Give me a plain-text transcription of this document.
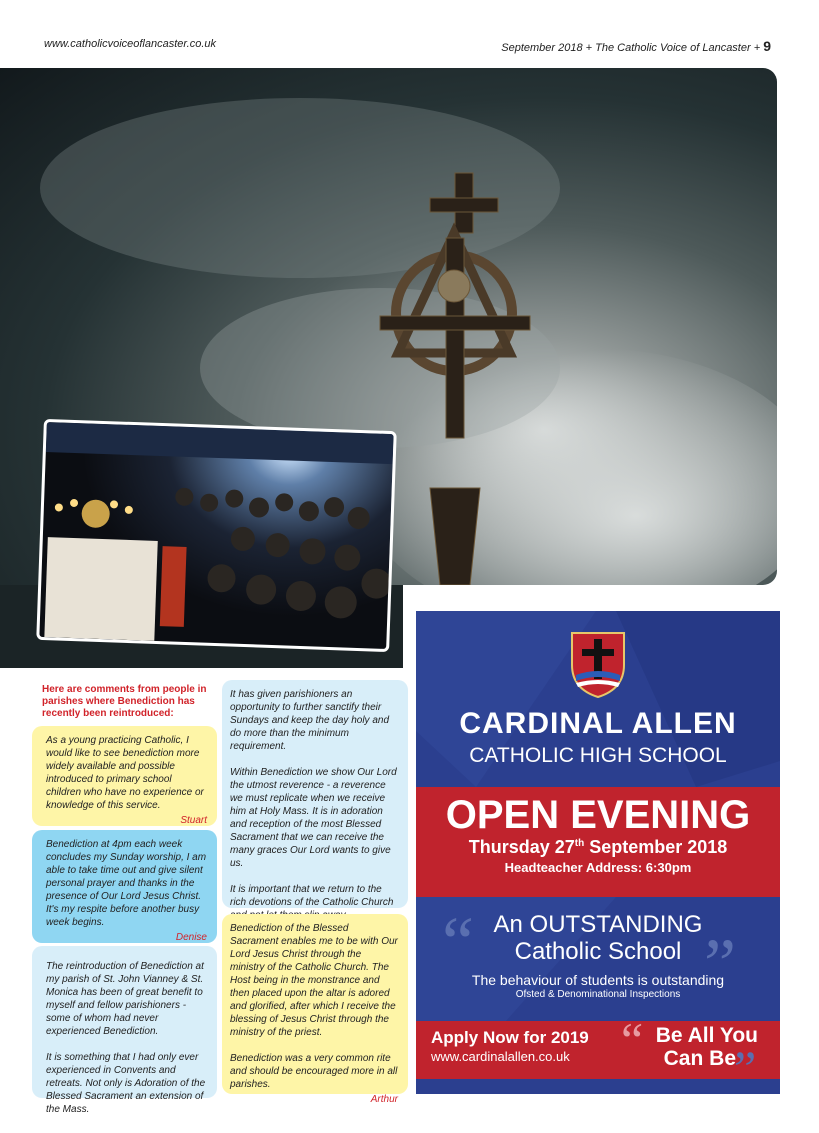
www.catholicvoiceoflancaster.co.uk	September 2018 + The Catholic Voice of Lancaster + 9
Here are comments from people in parishes where Benediction has recently been reintroduced:
As a young practicing Catholic, I would like to see benediction more widely available and possible introduced to primary school children who have no experience or knowledge of this service.
Stuart
Benediction at 4pm each week concludes my Sunday worship, I am able to take time out and give silent personal prayer and thanks in the presence of Our Lord Jesus Christ. It's my respite before another busy week begins.
Denise
The reintroduction of Benediction at my parish of St. John Vianney & St. Monica has been of great benefit to myself and fellow parishioners - some of whom had never experienced Benediction.

It is something that I had only ever experienced in Convents and retreats. Not only is Adoration of the Blessed Sacrament an extension of the Mass.
It has given parishioners an opportunity to further sanctify their Sundays and keep the day holy and do more than the minimum requirement.

Within Benediction we show Our Lord the utmost reverence - a reverence we must replicate when we receive him at Holy Mass. It is in adoration and reception of the most Blessed Sacrament that we can receive the many graces Our Lord wants to give us.

It is important that we return to the rich devotions of the Catholic Church
Benediction of the Blessed Sacrament enables me to be with Our Lord Jesus Christ through the ministry of the Catholic Church. The Host being in the monstrance and then placed upon the altar is adored and glorified, after which I receive the blessing of Jesus Christ through the ministry of the priest.

Benediction was a very common rite and should be encouraged more in all parishes.
Arthur
CARDINAL ALLEN
CATHOLIC HIGH SCHOOL
OPEN EVENING
Thursday 27th September 2018
Headteacher Address: 6:30pm
“ An OUTSTANDING
Catholic School ”
The behaviour of students is outstanding
Ofsted & Denominational Inspections
Apply Now for 2019
www.cardinalallen.co.uk	“ Be All You
Can Be
”
